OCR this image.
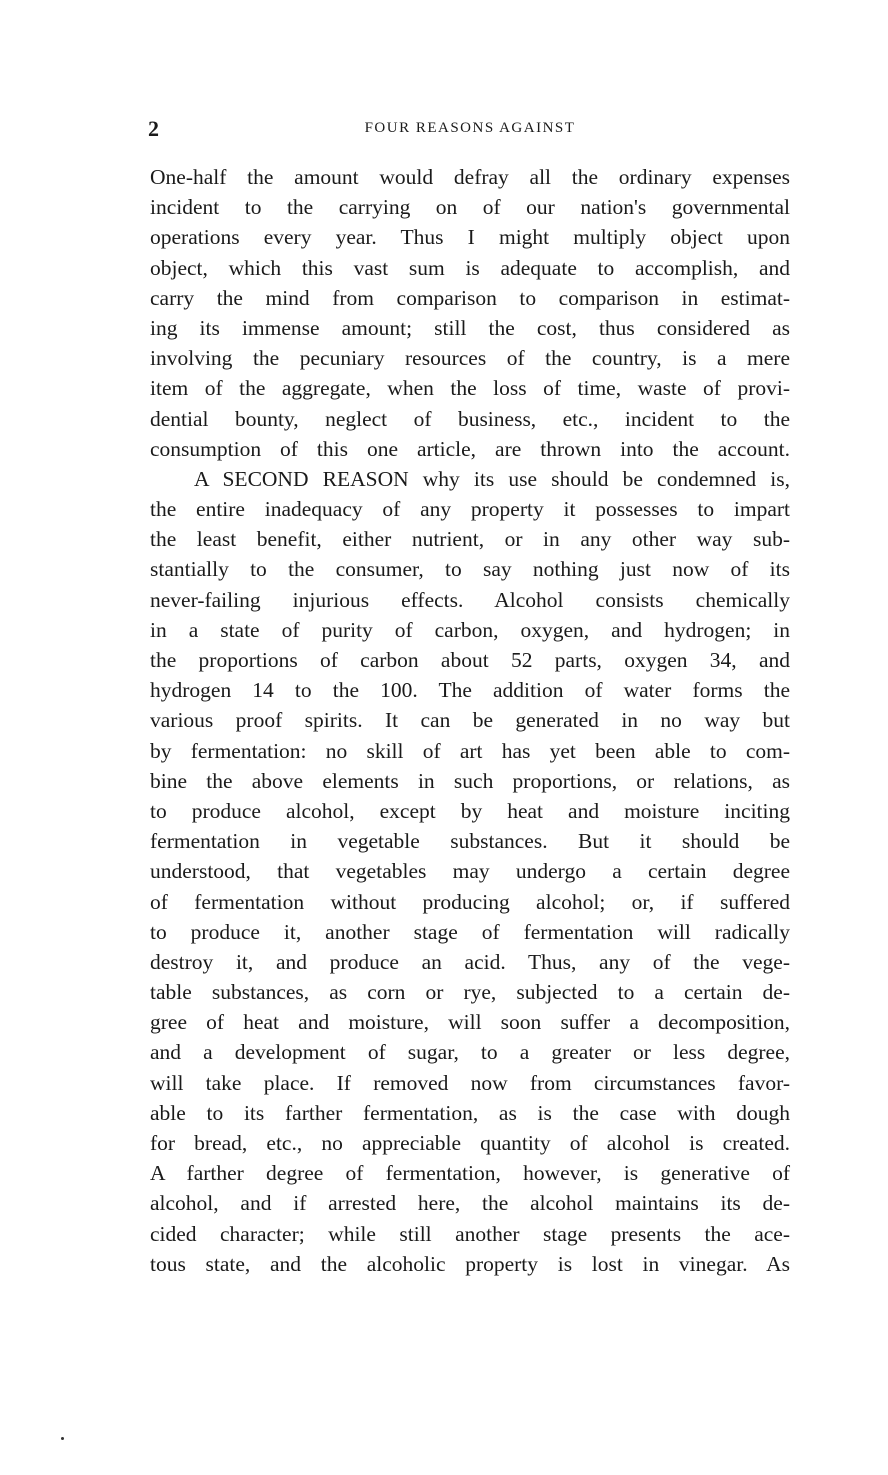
2	FOUR REASONS AGAINST
One-half the amount would defray all the ordinary expenses
incident to the carrying on of our nation's governmental
operations every year. Thus I might multiply object upon
object, which this vast sum is adequate to accomplish, and
carry the mind from comparison to comparison in estimat-
ing its immense amount; still the cost, thus considered as
involving the pecuniary resources of the country, is a mere
item of the aggregate, when the loss of time, waste of provi-
dential bounty, neglect of business, etc., incident to the
consumption of this one article, are thrown into the account.
A SECOND REASON why its use should be condemned is,
the entire inadequacy of any property it possesses to impart
the least benefit, either nutrient, or in any other way sub-
stantially to the consumer, to say nothing just now of its
never-failing injurious effects. Alcohol consists chemically
in a state of purity of carbon, oxygen, and hydrogen; in
the proportions of carbon about 52 parts, oxygen 34, and
hydrogen 14 to the 100. The addition of water forms the
various proof spirits. It can be generated in no way but
by fermentation: no skill of art has yet been able to com-
bine the above elements in such proportions, or relations, as
to produce alcohol, except by heat and moisture inciting
fermentation in vegetable substances. But it should be
understood, that vegetables may undergo a certain degree
of fermentation without producing alcohol; or, if suffered
to produce it, another stage of fermentation will radically
destroy it, and produce an acid. Thus, any of the vege-
table substances, as corn or rye, subjected to a certain de-
gree of heat and moisture, will soon suffer a decomposition,
and a development of sugar, to a greater or less degree,
will take place. If removed now from circumstances favor-
able to its farther fermentation, as is the case with dough
for bread, etc., no appreciable quantity of alcohol is created.
A farther degree of fermentation, however, is generative of
alcohol, and if arrested here, the alcohol maintains its de-
cided character; while still another stage presents the ace-
tous state, and the alcoholic property is lost in vinegar. As
